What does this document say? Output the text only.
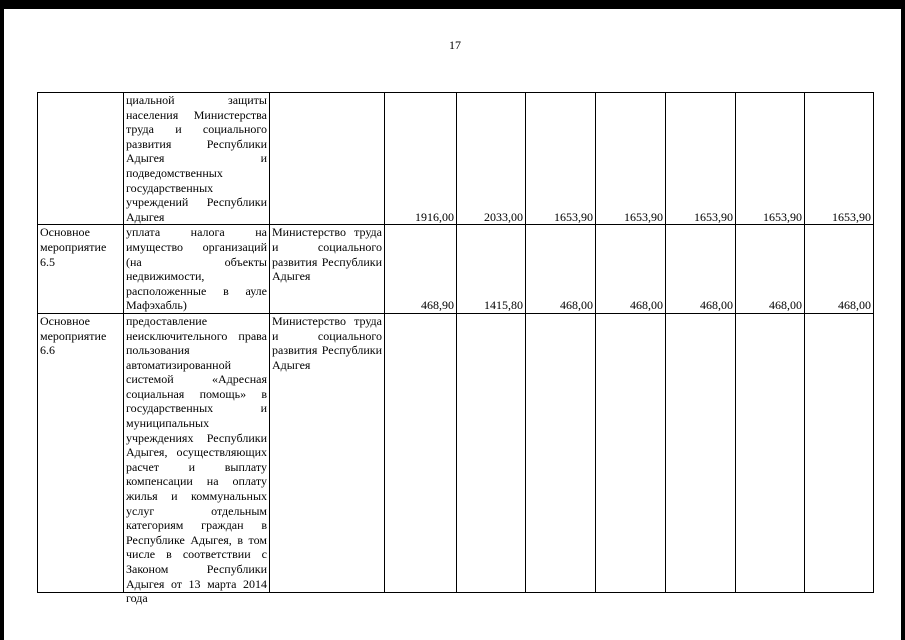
17
	циальной защиты населения Министерства труда и социального развития Республики Адыгея и подведомственных государственных учреждений Республики Адыгея		1916,00	2033,00	1653,90	1653,90	1653,90	1653,90	1653,90
Основное мероприятие 6.5	уплата налога на имущество организаций (на объекты недвижимости, расположенные в ауле Мафэхабль)	Министерство труда и социального развития Республики Адыгея	468,90	1415,80	468,00	468,00	468,00	468,00	468,00
Основное мероприятие 6.6	предоставление неисключительного права пользования автоматизированной системой «Адресная социальная помощь» в государственных и муниципальных учреждениях Республики Адыгея, осуществляющих расчет и выплату компенсации на оплату жилья и коммунальных услуг отдельным категориям граждан в Республике Адыгея, в том числе в соответствии с Законом Республики Адыгея от 13 марта 2014 года	Министерство труда и социального развития Республики Адыгея							
